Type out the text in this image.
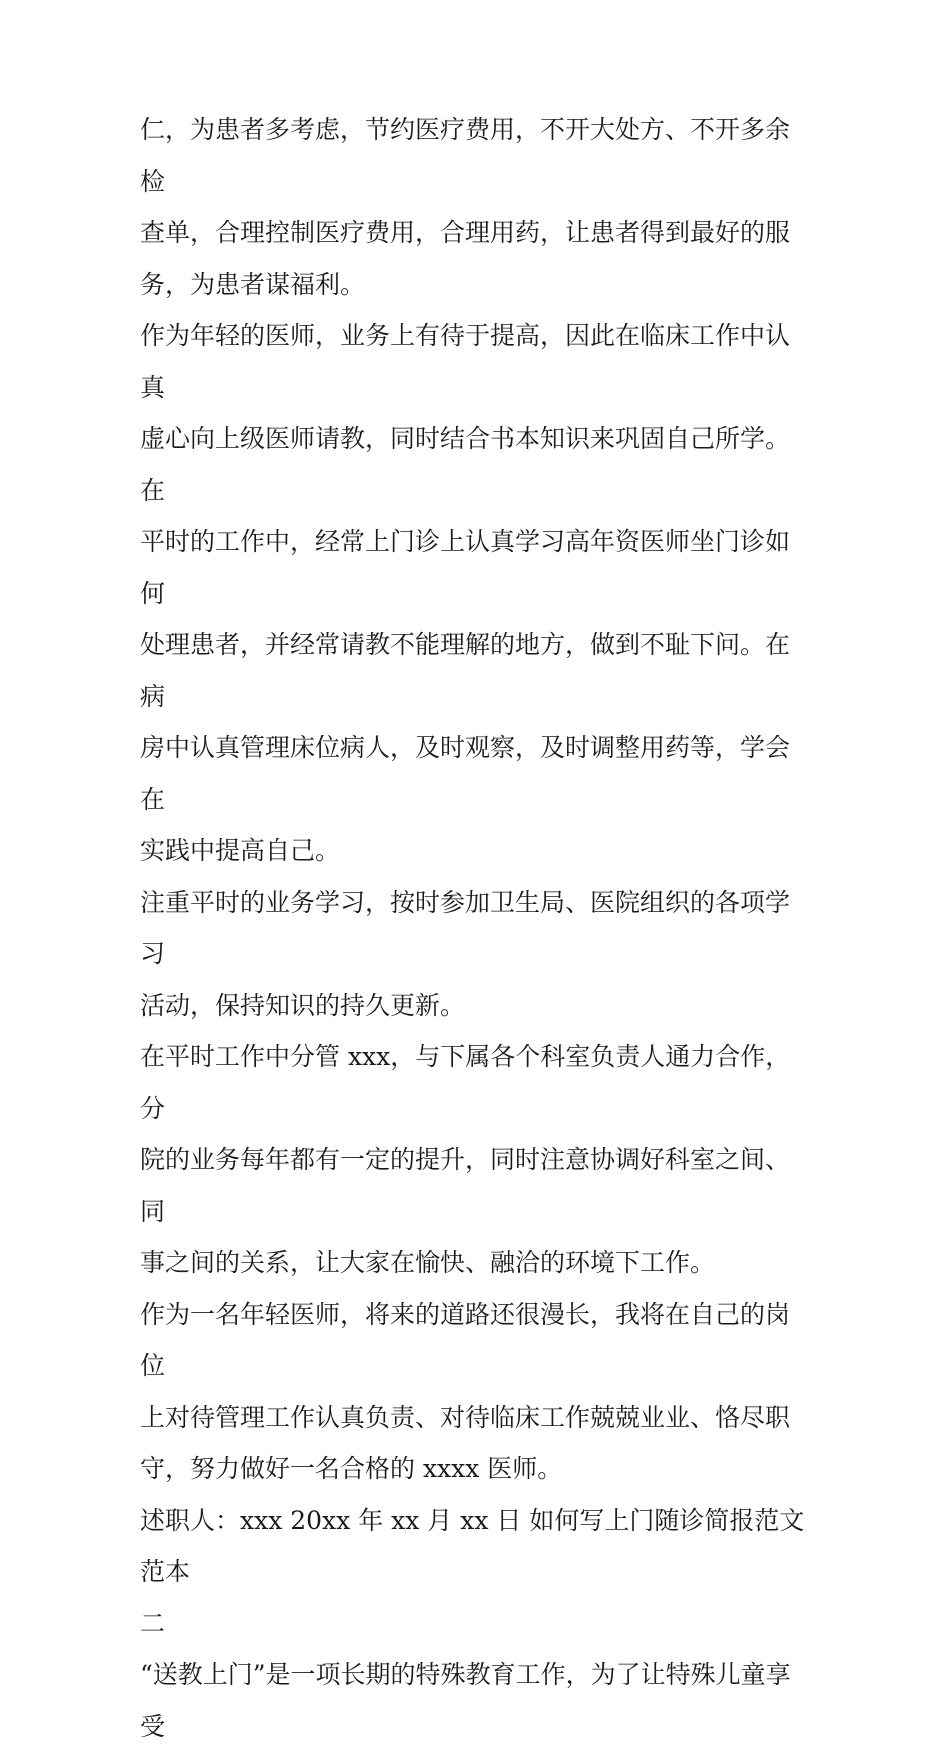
仁，为患者多考虑，节约医疗费用，不开大处方、不开多余检
查单，合理控制医疗费用，合理用药，让患者得到最好的服
务，为患者谋福利。

作为年轻的医师，业务上有待于提高，因此在临床工作中认真
虚心向上级医师请教，同时结合书本知识来巩固自己所学。在
平时的工作中，经常上门诊上认真学习高年资医师坐门诊如何
处理患者，并经常请教不能理解的地方，做到不耻下问。在病
房中认真管理床位病人，及时观察，及时调整用药等，学会在
实践中提高自己。

注重平时的业务学习，按时参加卫生局、医院组织的各项学习
活动，保持知识的持久更新。

在平时工作中分管 xxx，与下属各个科室负责人通力合作，分
院的业务每年都有一定的提升，同时注意协调好科室之间、同
事之间的关系，让大家在愉快、融洽的环境下工作。

作为一名年轻医师，将来的道路还很漫长，我将在自己的岗位
上对待管理工作认真负责、对待临床工作兢兢业业、恪尽职
守，努力做好一名合格的 xxxx 医师。

述职人：xxx 20xx 年 xx 月 xx 日 如何写上门随诊简报范文范本
二

“送教上门”是一项长期的特殊教育工作，为了让特殊儿童享受
